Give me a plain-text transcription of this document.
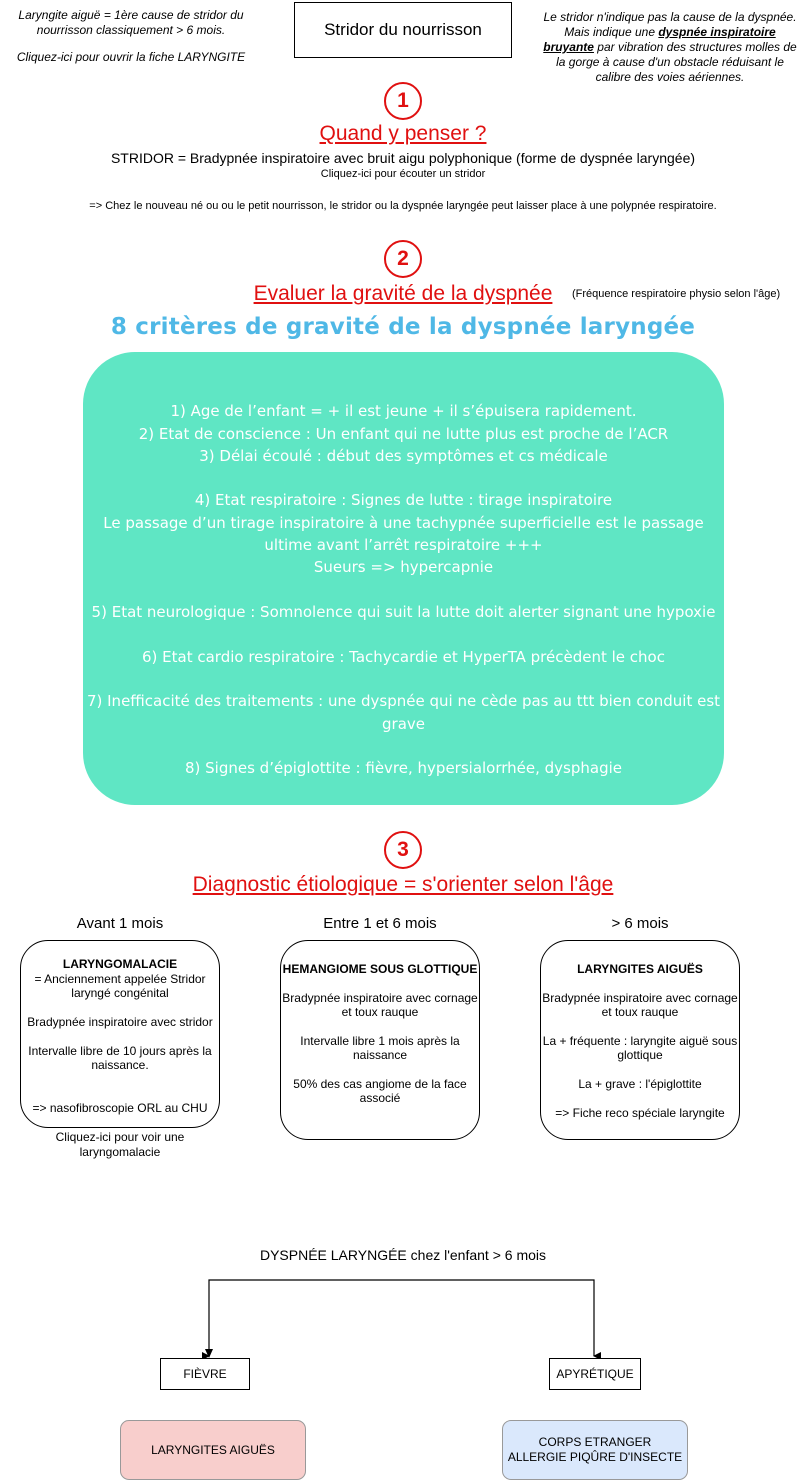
Laryngite aiguë = 1ère cause de stridor du
nourrisson classiquement > 6 mois.
Cliquez-ici pour ouvrir la fiche LARYNGITE
Stridor du nourrisson
Le stridor n'indique pas la cause de la dyspnée.
Mais indique une dyspnée inspiratoire
bruyante par vibration des structures molles de
la gorge à cause d'un obstacle réduisant le
calibre des voies aériennes.
1
Quand y penser ?
STRIDOR = Bradypnée inspiratoire avec bruit aigu polyphonique (forme de dyspnée laryngée)
Cliquez-ici pour écouter un stridor
=> Chez le nouveau né ou ou le petit nourrisson, le stridor ou la dyspnée laryngée peut laisser place à une polypnée respiratoire.
2
Evaluer la gravité de la dyspnée	(Fréquence respiratoire physio selon l'âge)
8 critères de gravité de la dyspnée laryngée
1) Age de l’enfant = + il est jeune + il s’épuisera rapidement.
2) Etat de conscience : Un enfant qui ne lutte plus est proche de l’ACR
3) Délai écoulé : début des symptômes et cs médicale
4) Etat respiratoire : Signes de lutte : tirage inspiratoire
Le passage d’un tirage inspiratoire à une tachypnée superficielle est le passage
ultime avant l’arrêt respiratoire +++
Sueurs => hypercapnie
5) Etat neurologique : Somnolence qui suit la lutte doit alerter signant une hypoxie
6) Etat cardio respiratoire : Tachycardie et HyperTA précèdent le choc
7) Inefficacité des traitements : une dyspnée qui ne cède pas au ttt bien conduit est
grave
8) Signes d’épiglottite : fièvre, hypersialorrhée, dysphagie
3
Diagnostic étiologique = s'orienter selon l'âge
Avant 1 mois
LARYNGOMALACIE
= Anciennement appelée Stridor
laryngé congénital
Bradypnée inspiratoire avec stridor
Intervalle libre de 10 jours après la
naissance.
=> nasofibroscopie ORL au CHU
Cliquez-ici pour voir une
laryngomalacie
Entre 1 et 6 mois
HEMANGIOME SOUS GLOTTIQUE
Bradypnée inspiratoire avec cornage
et toux rauque
Intervalle libre 1 mois après la
naissance
50% des cas angiome de la face
associé
> 6 mois
LARYNGITES AIGUËS
Bradypnée inspiratoire avec cornage
et toux rauque
La + fréquente : laryngite aiguë sous
glottique
La + grave : l'épiglottite
=> Fiche reco spéciale laryngite
DYSPNÉE LARYNGÉE chez l'enfant > 6 mois
FIÈVRE	APYRÉTIQUE
LARYNGITES AIGUËS
CORPS ETRANGER
ALLERGIE PIQÛRE D'INSECTE
